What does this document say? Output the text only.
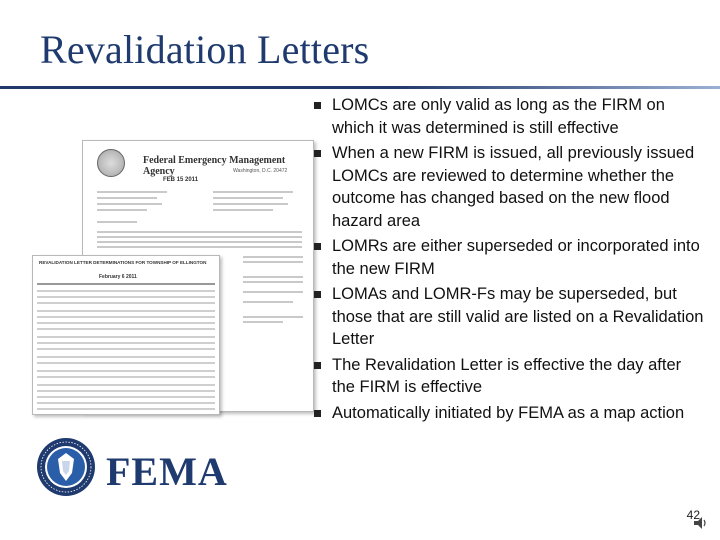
Revalidation Letters
Federal Emergency Management Agency	Washington, D.C. 20472
FEB 15 2011
REVALIDATION LETTER DETERMINATIONS FOR TOWNSHIP OF ELLINGTON
February 6 2011
LOMCs are only valid as long as the FIRM on which it was determined is still effective
When a new FIRM is issued, all previously issued LOMCs are reviewed to determine whether the outcome has changed based on the new flood hazard area
LOMRs are either superseded or incorporated into the new FIRM
LOMAs and LOMR-Fs may be superseded, but those that are still valid are listed on a Revalidation Letter
The Revalidation Letter is effective the day after the FIRM is effective
Automatically initiated by FEMA as a map action
FEMA
42
